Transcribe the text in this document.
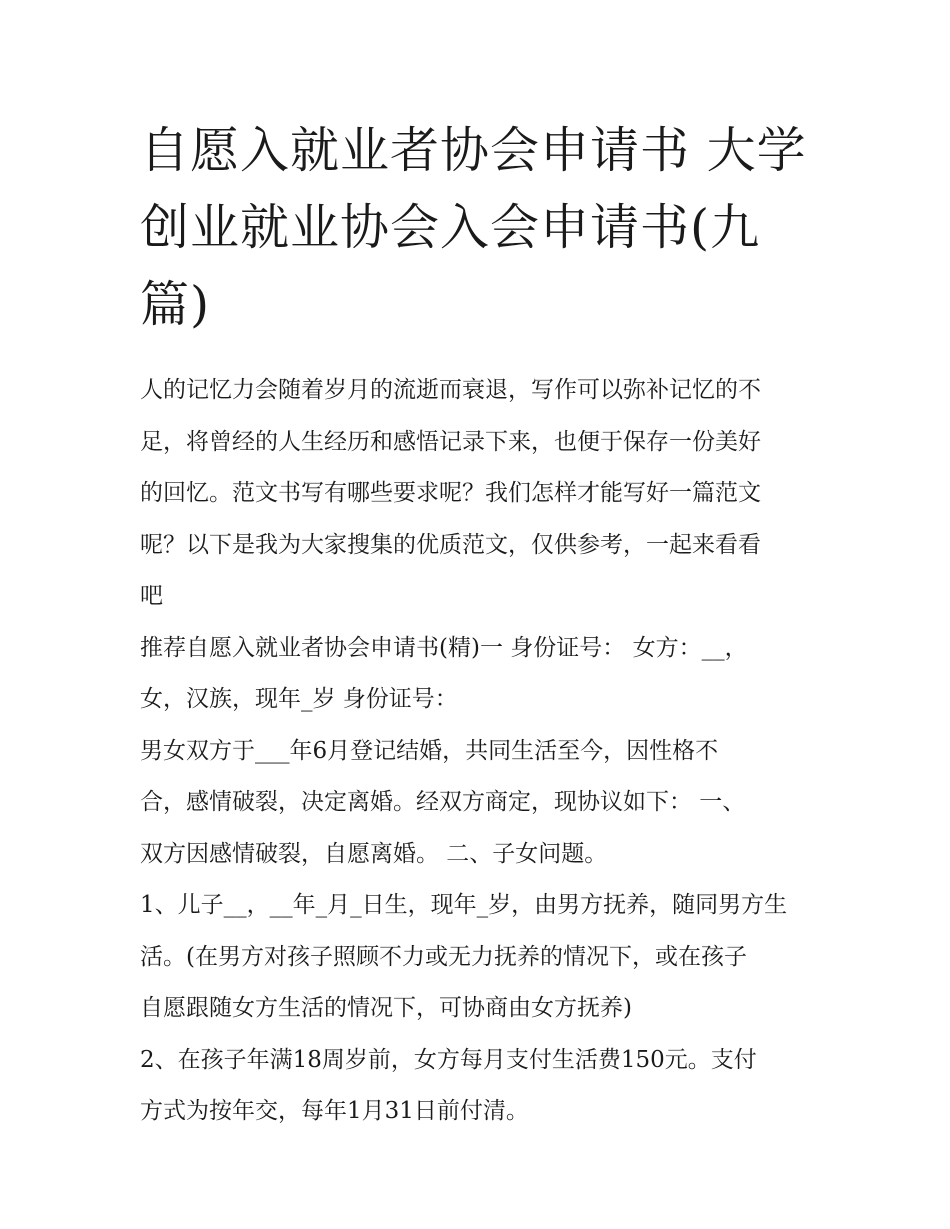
自愿入就业者协会申请书 大学
创业就业协会入会申请书(九
篇)

人的记忆力会随着岁月的流逝而衰退，写作可以弥补记忆的不
足，将曾经的人生经历和感悟记录下来，也便于保存一份美好
的回忆。范文书写有哪些要求呢？我们怎样才能写好一篇范文
呢？以下是我为大家搜集的优质范文，仅供参考，一起来看看
吧

推荐自愿入就业者协会申请书(精)一 身份证号： 女方：__，
女，汉族，现年_岁 身份证号：

男女双方于___年6月登记结婚，共同生活至今，因性格不
合，感情破裂，决定离婚。经双方商定，现协议如下： 一、
双方因感情破裂，自愿离婚。 二、子女问题。

1、儿子__，__年_月_日生，现年_岁，由男方抚养，随同男方生
活。(在男方对孩子照顾不力或无力抚养的情况下，或在孩子
自愿跟随女方生活的情况下，可协商由女方抚养)

2、在孩子年满18周岁前，女方每月支付生活费150元。支付
方式为按年交，每年1月31日前付清。
